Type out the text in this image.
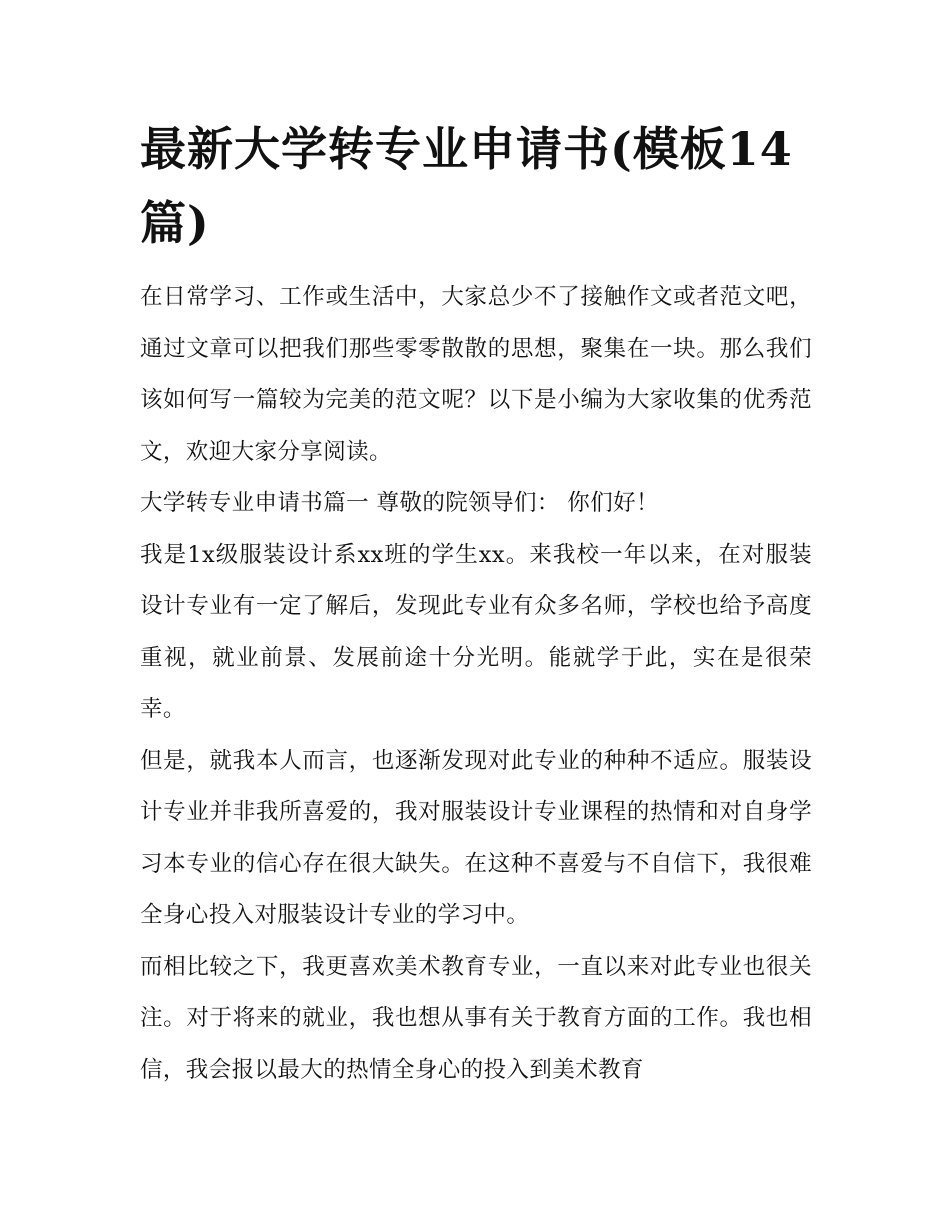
最新大学转专业申请书(模板14篇)

在日常学习、工作或生活中，大家总少不了接触作文或者范文吧，通过文章可以把我们那些零零散散的思想，聚集在一块。那么我们该如何写一篇较为完美的范文呢？以下是小编为大家收集的优秀范文，欢迎大家分享阅读。

大学转专业申请书篇一 尊敬的院领导们： 你们好！

我是1x级服装设计系xx班的学生xx。来我校一年以来，在对服装设计专业有一定了解后，发现此专业有众多名师，学校也给予高度重视，就业前景、发展前途十分光明。能就学于此，实在是很荣幸。

但是，就我本人而言，也逐渐发现对此专业的种种不适应。服装设计专业并非我所喜爱的，我对服装设计专业课程的热情和对自身学习本专业的信心存在很大缺失。在这种不喜爱与不自信下，我很难全身心投入对服装设计专业的学习中。

而相比较之下，我更喜欢美术教育专业，一直以来对此专业也很关注。对于将来的就业，我也想从事有关于教育方面的工作。我也相信，我会报以最大的热情全身心的投入到美术教育
